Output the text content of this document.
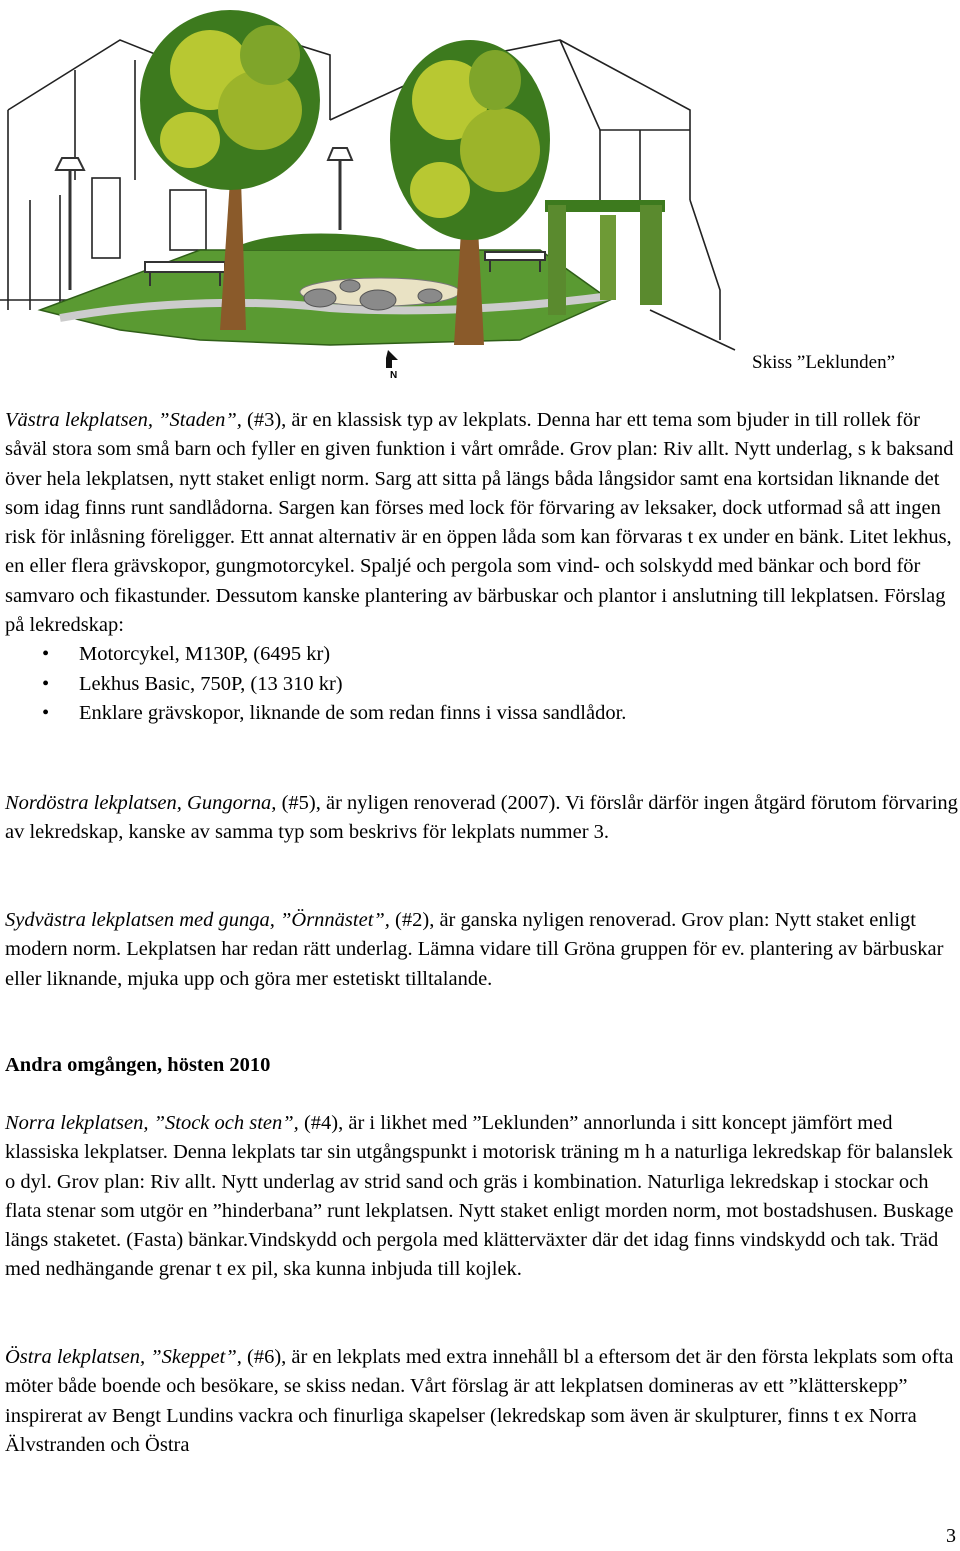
N
Skiss ”Leklunden”

Västra lekplatsen, ”Staden”, (#3), är en klassisk typ av lekplats. Denna har ett tema som bjuder in till rollek för såväl stora som små barn och fyller en given funktion i vårt område. Grov plan: Riv allt. Nytt underlag, s k baksand över hela lekplatsen, nytt staket enligt norm. Sarg att sitta på längs båda långsidor samt ena kortsidan liknande det som idag finns runt sandlådorna. Sargen kan förses med lock för förvaring av leksaker, dock utformad så att ingen risk för inlåsning föreligger. Ett annat alternativ är en öppen låda som kan förvaras t ex under en bänk. Litet lekhus, en eller flera grävskopor, gungmotorcykel. Spaljé och pergola som vind- och solskydd med bänkar och bord för samvaro och fikastunder. Dessutom kanske plantering av bärbuskar och plantor i anslutning till lekplatsen. Förslag på lekredskap:

• Motorcykel, M130P, (6495 kr)
• Lekhus Basic, 750P, (13 310 kr)
• Enklare grävskopor, liknande de som redan finns i vissa sandlådor.

Nordöstra lekplatsen, Gungorna, (#5), är nyligen renoverad (2007). Vi förslår därför ingen åtgärd förutom förvaring av lekredskap, kanske av samma typ som beskrivs för lekplats nummer 3.

Sydvästra lekplatsen med gunga, ”Örnnästet”, (#2), är ganska nyligen renoverad. Grov plan: Nytt staket enligt modern norm. Lekplatsen har redan rätt underlag. Lämna vidare till Gröna gruppen för ev. plantering av bärbuskar eller liknande, mjuka upp och göra mer estetiskt tilltalande.

Andra omgången, hösten 2010

Norra lekplatsen, ”Stock och sten”, (#4), är i likhet med ”Leklunden” annorlunda i sitt koncept jämfört med klassiska lekplatser. Denna lekplats tar sin utgångspunkt i motorisk träning m h a naturliga lekredskap för balanslek o dyl. Grov plan: Riv allt. Nytt underlag av strid sand och gräs i kombination. Naturliga lekredskap i stockar och flata stenar som utgör en ”hinderbana” runt lekplatsen. Nytt staket enligt morden norm, mot bostadshusen. Buskage längs staketet. (Fasta) bänkar.Vindskydd och pergola med klätterväxter där det idag finns vindskydd och tak. Träd med nedhängande grenar t ex pil, ska kunna inbjuda till kojlek.

Östra lekplatsen, ”Skeppet”, (#6), är en lekplats med extra innehåll bl a eftersom det är den första lekplats som ofta möter både boende och besökare, se skiss nedan. Vårt förslag är att lekplatsen domineras av ett ”klätterskepp” inspirerat av Bengt Lundins vackra och finurliga skapelser (lekredskap som även är skulpturer, finns t ex Norra Älvstranden och Östra

3
